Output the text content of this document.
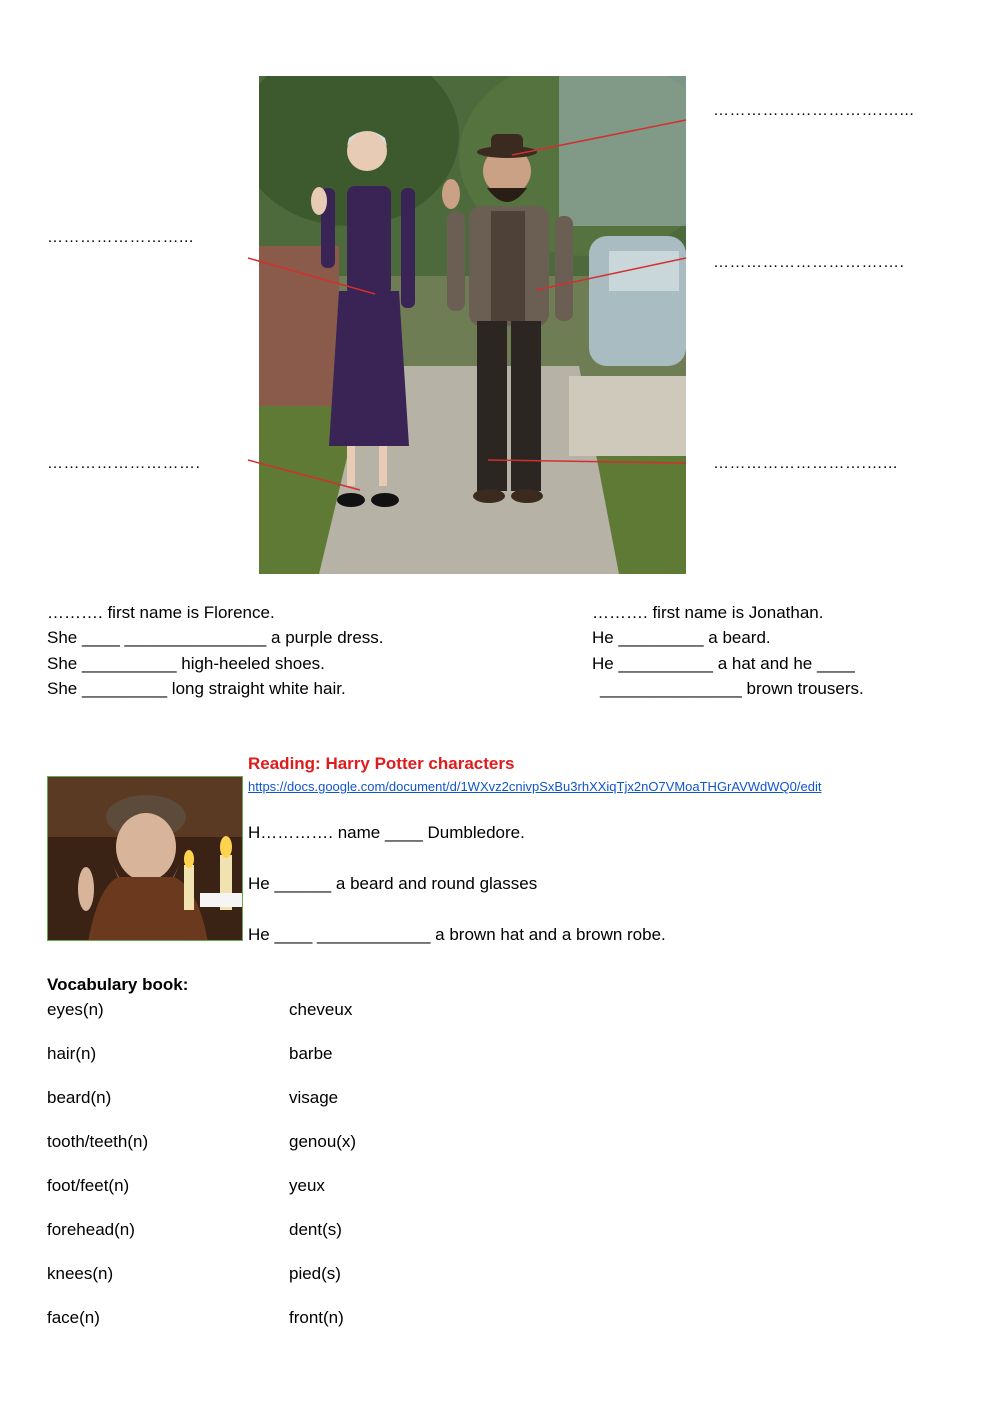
………………………….…...
……………………...
………………………….….
……………………….	……………………….…...
………. first name is Florence.
She ____ _______________ a purple dress.
She __________ high-heeled shoes.
She _________ long straight white hair.
………. first name is Jonathan.
He _________ a beard.
He __________ a hat and he ____
_______________ brown trousers.
Reading: Harry Potter characters
https://docs.google.com/document/d/1WXvz2cnivpSxBu3rhXXiqTjx2nO7VMoaTHGrAVWdWQ0/edit
H…………. name ____ Dumbledore.
He ______ a beard and round glasses
He ____ ____________ a brown hat and a brown robe.
Vocabulary book:
eyes(n)	cheveux
hair(n)	barbe
beard(n)	visage
tooth/teeth(n)	genou(x)
foot/feet(n)	yeux
forehead(n)	dent(s)
knees(n)	pied(s)
face(n)	front(n)
